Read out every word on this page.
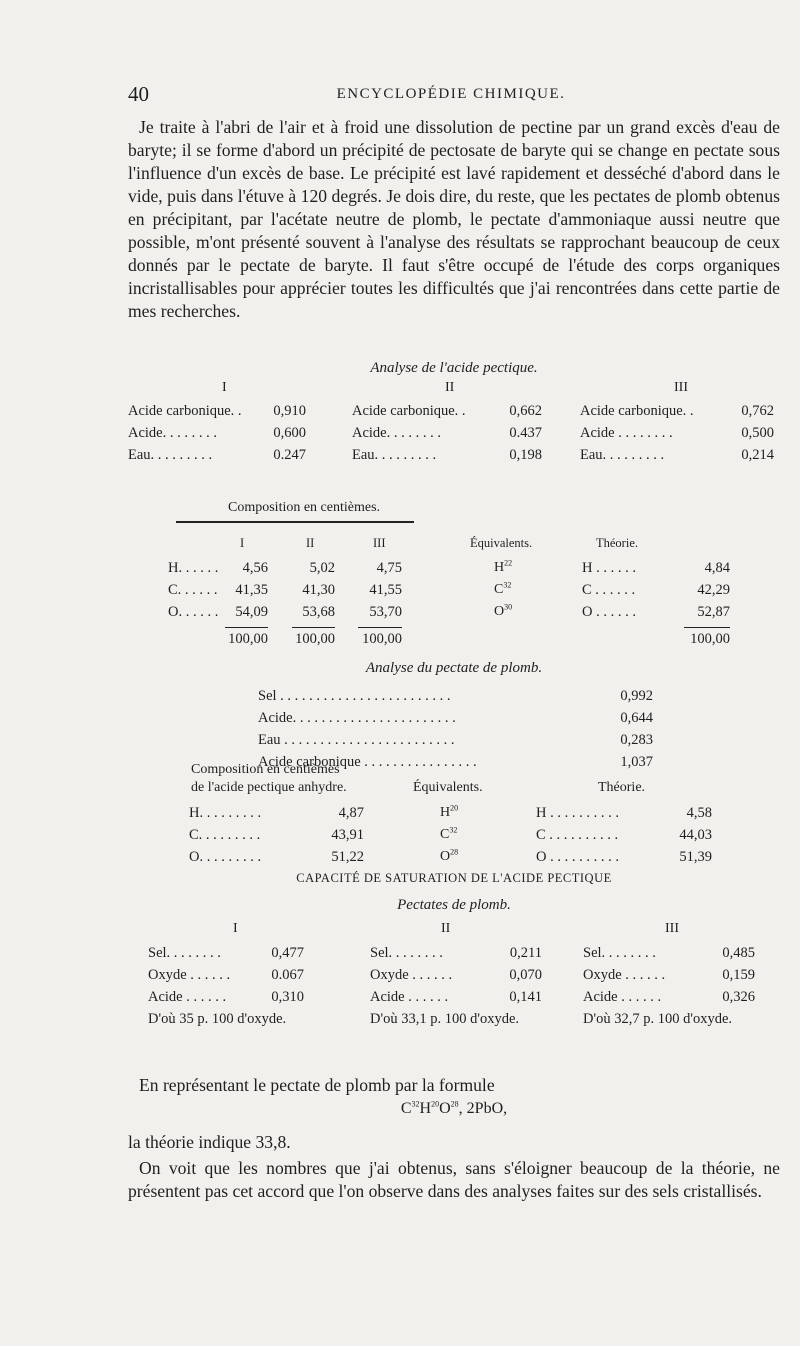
40	ENCYCLOPÉDIE CHIMIQUE.

Je traite à l'abri de l'air et à froid une dissolution de pectine par un grand excès d'eau de baryte; il se forme d'abord un précipité de pectosate de baryte qui se change en pectate sous l'influence d'un excès de base. Le précipité est lavé rapidement et desséché d'abord dans le vide, puis dans l'étuve à 120 degrés. Je dois dire, du reste, que les pectates de plomb obtenus en précipitant, par l'acétate neutre de plomb, le pectate d'ammoniaque aussi neutre que possible, m'ont présenté souvent à l'analyse des résultats se rapprochant beaucoup de ceux donnés par le pectate de baryte. Il faut s'être occupé de l'étude des corps organiques incristallisables pour apprécier toutes les difficultés que j'ai rencontrées dans cette partie de mes recherches.

Analyse de l'acide pectique.
I
Acide carbonique. . 0,910
Acide. . . . . . . .	0,600
Eau. . . . . . . . .	0.247
II
Acide carbonique. .	0,662
Acide. . . . . . . .	0.437
Eau. . . . . . . . .	0,198
III
Acide carbonique. .	0,762
Acide . . . . . . . .	0,500
Eau. . . . . . . . .	0,214
Composition en centièmes.
I	II	III	Équivalents.	Théorie.
H. . . . . . 4,56	5,02	4,75	$H^{22}$	H . . . . . .	4,84
C. . . . . . 41,35 41,30 41,55	$C^{32}$	C . . . . . .	42,29
O. . . . . . 54,09 53,68 53,70	$O^{30}$	O . . . . . .	52,87
100,00 100,00 100,00	100,00
Analyse du pectate de plomb.
Sel . . . . . . . . . . . . . . . . . . . . . . . .	0,992
Acide. . . . . . . . . . . . . . . . . . . . . . .	0,644
Eau . . . . . . . . . . . . . . . . . . . . . . . .	0,283
Acide carbonique . . . . . . . . . . . . . . . .	1,037
Composition en centièmes
de l'acide pectique anhydre.	Équivalents.	Théorie.
H. . . . . . . . .	4,87	$H^{20}$	H . . . . . . . . . .	4,58
C. . . . . . . . .	43,91	$C^{32}$	C . . . . . . . . . .	44,03
O. . . . . . . . .	51,22	$O^{28}$	O . . . . . . . . . .	51,39
CAPACITÉ DE SATURATION DE L'ACIDE PECTIQUE
Pectates de plomb.
I
Sel. . . . . . . .	0,477
Oxyde . . . . . .	0.067
Acide . . . . . .	0,310
D'où 35 p. 100 d'oxyde.
II
Sel. . . . . . . .	0,211
Oxyde . . . . . .	0,070
Acide . . . . . .	0,141
D'où 33,1 p. 100 d'oxyde.
III
Sel. . . . . . . .	0,485
Oxyde . . . . . .	0,159
Acide . . . . . .	0,326
D'où 32,7 p. 100 d'oxyde.

En représentant le pectate de plomb par la formule

$C^{32}H^{20}O^{28}$, 2PbO,

la théorie indique 33,8.

On voit que les nombres que j'ai obtenus, sans s'éloigner beaucoup de la théorie, ne présentent pas cet accord que l'on observe dans des analyses faites sur des sels cristallisés.
